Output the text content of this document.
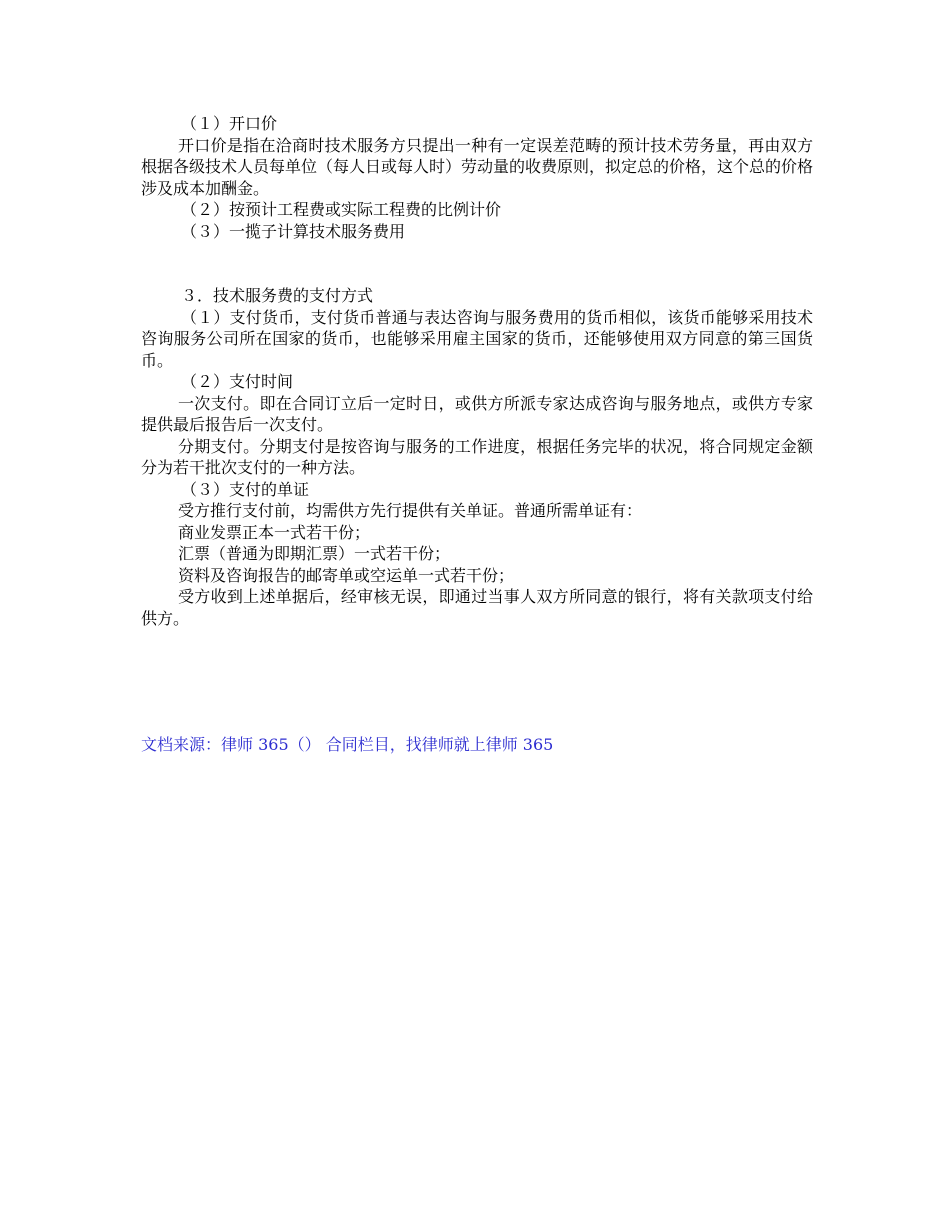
（１）开口价

开口价是指在洽商时技术服务方只提出一种有一定误差范畴的预计技术劳务量，再由双方根据各级技术人员每单位（每人日或每人时）劳动量的收费原则，拟定总的价格，这个总的价格涉及成本加酬金。

（２）按预计工程费或实际工程费的比例计价

（３）一揽子计算技术服务费用

３．技术服务费的支付方式

（１）支付货币，支付货币普通与表达咨询与服务费用的货币相似，该货币能够采用技术咨询服务公司所在国家的货币，也能够采用雇主国家的货币，还能够使用双方同意的第三国货币。

（２）支付时间

一次支付。即在合同订立后一定时日，或供方所派专家达成咨询与服务地点，或供方专家提供最后报告后一次支付。

分期支付。分期支付是按咨询与服务的工作进度，根据任务完毕的状况，将合同规定金额分为若干批次支付的一种方法。

（３）支付的单证

受方推行支付前，均需供方先行提供有关单证。普通所需单证有：

商业发票正本一式若干份；

汇票（普通为即期汇票）一式若干份；

资料及咨询报告的邮寄单或空运单一式若干份；

受方收到上述单据后，经审核无误，即通过当事人双方所同意的银行，将有关款项支付给供方。

文档来源：律师 365（） 合同栏目，找律师就上律师 365
